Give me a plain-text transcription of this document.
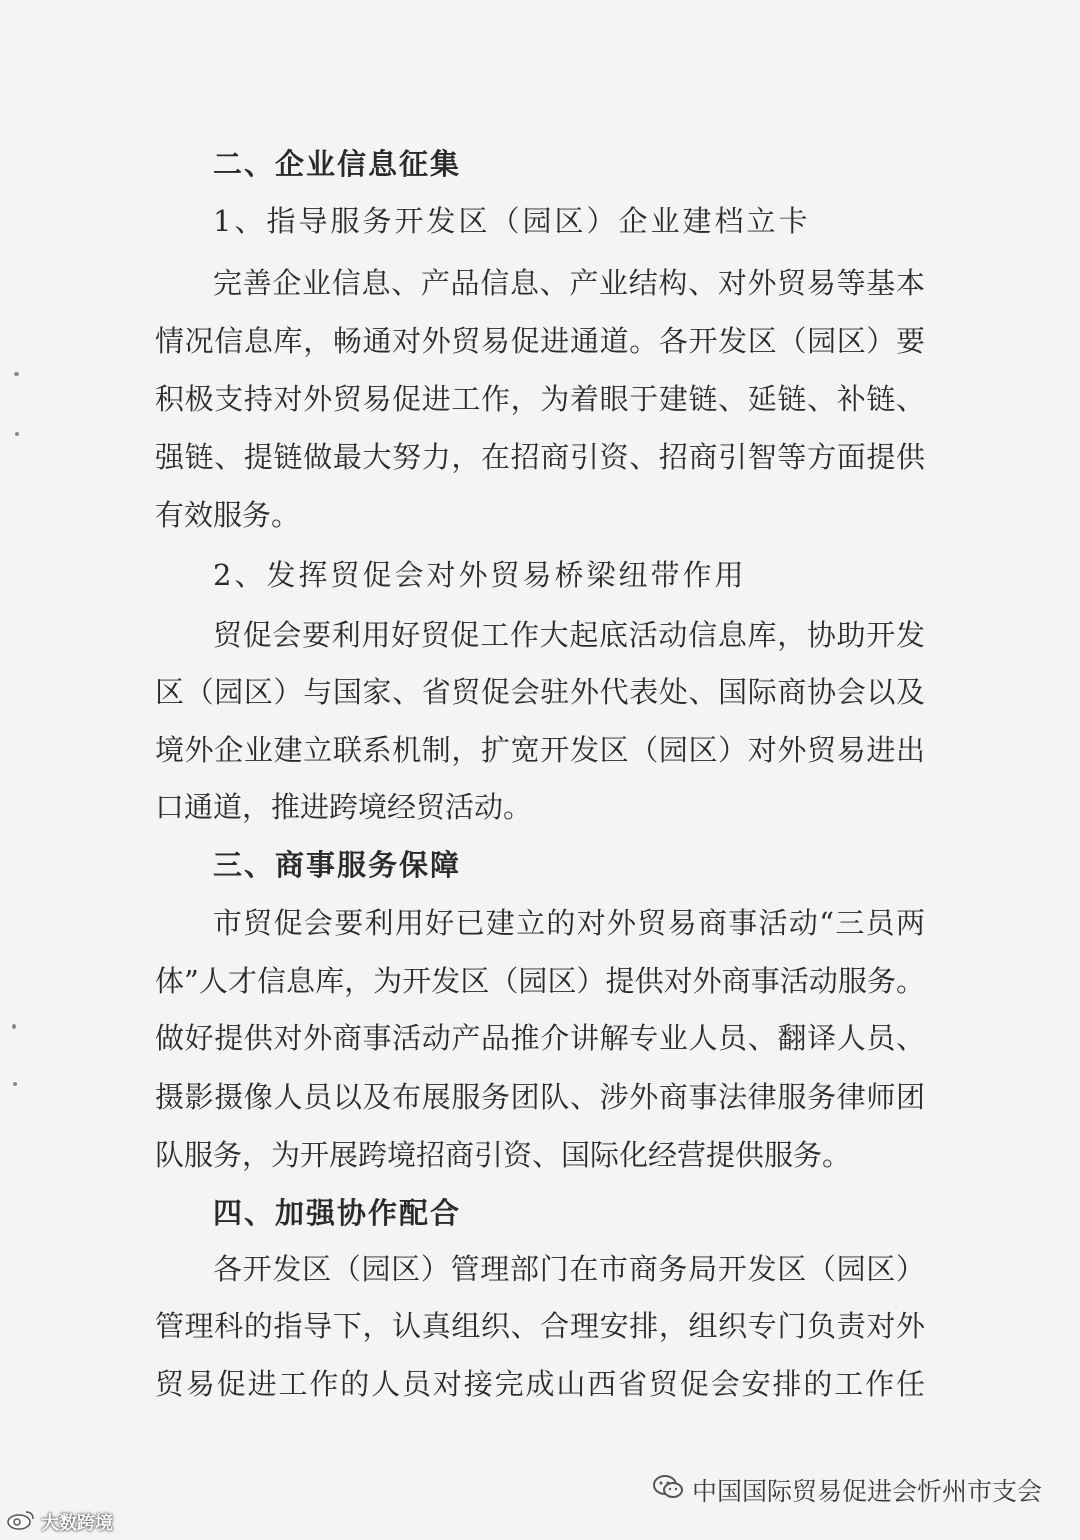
二、企业信息征集
1、指导服务开发区（园区）企业建档立卡
完善企业信息、产品信息、产业结构、对外贸易等基本
情况信息库，畅通对外贸易促进通道。各开发区（园区）要
积极支持对外贸易促进工作，为着眼于建链、延链、补链、
强链、提链做最大努力，在招商引资、招商引智等方面提供
有效服务。
2、发挥贸促会对外贸易桥梁纽带作用
贸促会要利用好贸促工作大起底活动信息库，协助开发
区（园区）与国家、省贸促会驻外代表处、国际商协会以及
境外企业建立联系机制，扩宽开发区（园区）对外贸易进出
口通道，推进跨境经贸活动。
三、商事服务保障
市贸促会要利用好已建立的对外贸易商事活动“三员两
体”人才信息库，为开发区（园区）提供对外商事活动服务。
做好提供对外商事活动产品推介讲解专业人员、翻译人员、
摄影摄像人员以及布展服务团队、涉外商事法律服务律师团
队服务，为开展跨境招商引资、国际化经营提供服务。
四、加强协作配合
各开发区（园区）管理部门在市商务局开发区（园区）
管理科的指导下，认真组织、合理安排，组织专门负责对外
贸易促进工作的人员对接完成山西省贸促会安排的工作任
中国国际贸易促进会忻州市支会
大数跨境
